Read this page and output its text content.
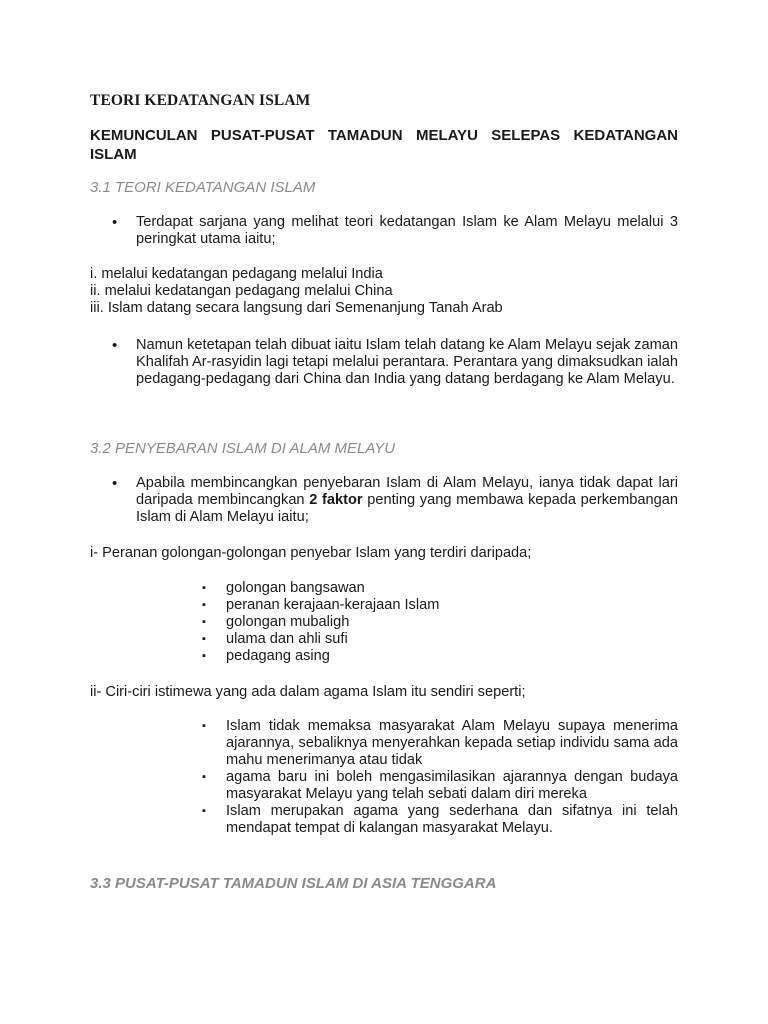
TEORI KEDATANGAN ISLAM
KEMUNCULAN PUSAT-PUSAT TAMADUN MELAYU SELEPAS KEDATANGAN ISLAM
3.1 TEORI KEDATANGAN ISLAM
•	Terdapat sarjana yang melihat teori kedatangan Islam ke Alam Melayu melalui 3 peringkat utama iaitu;
i. melalui kedatangan pedagang melalui India
ii. melalui kedatangan pedagang melalui China
iii. Islam datang secara langsung dari Semenanjung Tanah Arab
•	Namun ketetapan telah dibuat iaitu Islam telah datang ke Alam Melayu sejak zaman Khalifah Ar-rasyidin lagi tetapi melalui perantara. Perantara yang dimaksudkan ialah pedagang-pedagang dari China dan India yang datang berdagang ke Alam Melayu.
3.2 PENYEBARAN ISLAM DI ALAM MELAYU
•	Apabila membincangkan penyebaran Islam di Alam Melayu, ianya tidak dapat lari daripada membincangkan 2 faktor penting yang membawa kepada perkembangan Islam di Alam Melayu iaitu;
i- Peranan golongan-golongan penyebar Islam yang terdiri daripada;
▪	golongan bangsawan
▪	peranan kerajaan-kerajaan Islam
▪	golongan mubaligh
▪	ulama dan ahli sufi
▪	pedagang asing
ii- Ciri-ciri istimewa yang ada dalam agama Islam itu sendiri seperti;
▪	Islam tidak memaksa masyarakat Alam Melayu supaya menerima ajarannya, sebaliknya menyerahkan kepada setiap individu sama ada mahu menerimanya atau tidak
▪	agama baru ini boleh mengasimilasikan ajarannya dengan budaya masyarakat Melayu yang telah sebati dalam diri mereka
▪	Islam merupakan agama yang sederhana dan sifatnya ini telah mendapat tempat di kalangan masyarakat Melayu.
3.3 PUSAT-PUSAT TAMADUN ISLAM DI ASIA TENGGARA
